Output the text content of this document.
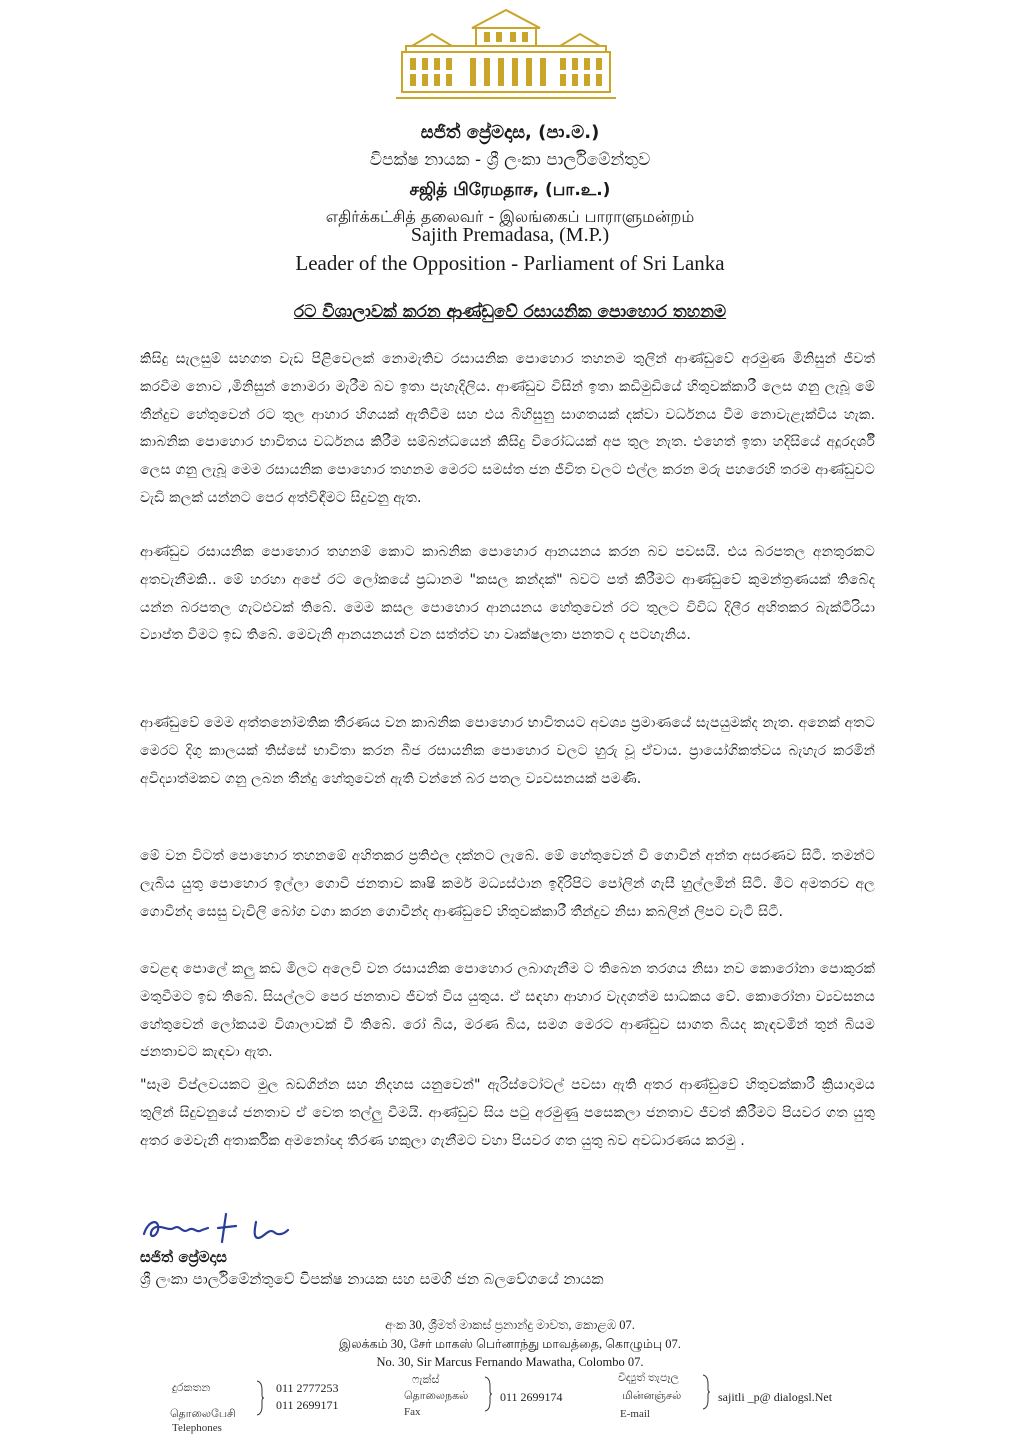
සජිත් ප්‍රේමදාස, (පා.ම.)
විපක්ෂ නායක - ශ්‍රී ලංකා පාර්ලිමේන්තුව
சஜித் பிரேமதாச, (பா.உ.)
எதிர்க்கட்சித் தலைவர் - இலங்கைப் பாராளுமன்றம்
Sajith Premadasa, (M.P.)
Leader of the Opposition - Parliament of Sri Lanka
රට විශාලාවක් කරන ආණ්ඩුවේ රසායනික පොහොර තහනම
කිසිදු සැලසුම් සහගත වැඩ පිළිවෙලක් නොමැතිව රසායනික පොහොර තහනම තුලින් ආණ්ඩුවේ අරමුණ මිනිසුන් ජීවත් කරවීම නොව ,මිනිසුන් නොමරා මැරීම බව ඉතා පැහැදිලිය. ආණ්ඩුව විසින් ඉතා කඩිමුඩියේ හිතුවක්කාරී ලෙස ගනු ලැබූ මේ තීන්දුව හේතුවෙන් රට තුල ආහාර හිගයක් ඇතිවීම සහ එය බිහිසුනු සාගතයක් දක්වා වර්ධනය වීම නොවැළැක්විය හැක. කාබනික පොහොර භාවිතය වර්ධනය කිරීම සම්බන්ධයෙන් කිසිදු විරෝධයක් අප තුල නැත. එහෙත් ඉතා හදිසියේ අදූරදර්ශී ලෙස ගනු ලැබූ මෙම රසායනික පොහොර තහනම මෙරට සමස්ත ජන ජීවිත වලට එල්ල කරන මරු පහරෙහි තරම ආණ්ඩුවට වැඩි කලක් යන්නට පෙර අත්විඳීමට සිදුවනු ඇත.
ආණ්ඩුව රසායනික පොහොර තහනම් කොට කාබනික පොහොර ආනයනය කරන බව පවසයි. එය බරපතල අනතුරකට අතවැනීමකි.. මේ හරහා අපේ රට ලෝකයේ ප්‍රධානම "කසල කන්දක්" බවට පත් කිරීමට ආණ්ඩුවේ කුමන්ත්‍රණයක් තිබේද යන්න බරපතල ගැටළුවක් තිබේ. මෙම කසල පොහොර ආනයනය හේතුවෙන් රට තුලට විවිධ දිලීර අහිතකර බැක්ටීරියා ව්‍යාප්ත වීමට ඉඩ තිබේ. මෙවැනි ආනයනයන් වන සත්ත්ව හා වෘක්ෂලතා පනතට ද පටහැනිය.
ආණ්ඩුවේ මෙම අත්තනෝමතික තීරණය වන කාබනික පොහොර භාවිතයට අවශ්‍ය ප්‍රමාණයේ සැපයුමක්ද නැත. අනෙක් අතට මෙරට දිගු කාලයක් තිස්සේ භාවිතා කරන බීජ රසායනික පොහොර වලට හුරු වූ ඒවාය. ප්‍රායෝගිකත්වය බැහැර කරමින් අවිද්‍යාත්මකව ගනු ලබන තීන්දු හේතුවෙන් ඇති වන්නේ බර පතල ව්‍යවසනයක් පමණි.
මේ වන විටත් පොහොර තහනමේ අහිතකර ප්‍රතිඵල දක්නට ලැබේ. මේ හේතුවෙන් වී ගොවීන් අන්ත අසරණව සිටී. තමන්ට ලැබිය යුතු පොහොර ඉල්ලා ගොවි ජනතාව කෘෂි කර්ම මධ්‍යස්ථාන ඉදිරිපිට පෝලින් ගැසී හුල්ලමින් සිටී. මීට අමතරව අල ගොවීන්ද සෙසු වැවිලි බෝග වගා කරන ගොවීන්ද ආණ්ඩුවේ හිතුවක්කාරී තීන්දුව නිසා කබලින් ලිපට වැටී සිටී.
වෙළඳ පොලේ කලු කඩ මිලට අලෙවි වන රසායනික පොහොර ලබාගැනීම ට තිබෙන තරගය නිසා නව කොරෝනා පොකුරක් මතුවීමට ඉඩ තිබේ. සියල්ලට පෙර ජනතාව ජීවත් විය යුතුය. ඒ සඳහා ආහාර වැදගත්ම සාධකය වේ. කොරෝනා ව්‍යවසනය හේතුවෙන් ලෝකයම විශාලාවක් වී තිබේ. රෝ බිය, මරණ බිය, සමග මෙරට ආණ්ඩුව සාගත බියද කැඳවමින් තුන් බියම ජනතාවට කැඳවා ඇත.
"සෑම විප්ලවයකට මුල බඩගින්න සහ නිදහස යනුවෙන්" ඇරිස්ටෝටල් පවසා ඇති අතර ආණ්ඩුවේ හිතුවක්කාරී ක්‍රියාදාමය තුලින් සිදුවනුයේ ජනතාව ඒ වෙත තල්ලු වීමයි. ආණ්ඩුව සිය පටු අරමුණු පසෙකලා ජනතාව ජීවත් කිරීමට පියවර ගත යුතු අතර මෙවැනි අතාර්කික අමනෝඥ තිරණ හකුලා ගැනීමට වහා පියවර ගත යුතු බව අවධාරණය කරමු .
සජිත් ප්‍රේමදාස
ශ්‍රී ලංකා පාර්ලිමේන්තුවේ විපක්ෂ නායක සහ සමගි ජන බලවේගයේ නායක
අංක 30, ශ්‍රීමත් මාකස් ප්‍රනාන්දු මාවත, කොළඹ 07.
இலக்கம் 30, சேர் மாகஸ் பெர்னாந்து மாவத்தை, கொழும்பு 07.
No. 30, Sir Marcus Fernando Mawatha, Colombo 07.
දුරකතන
தொலைபேசி
Telephones
011 2777253
011 2699171
ෆැක්ස්
தொலைநகல்
Fax
011 2699174
විද්‍යුත් තැපෑල
மின்னஞ்சல்
E-mail
sajitli _p@ dialogsl.Net
